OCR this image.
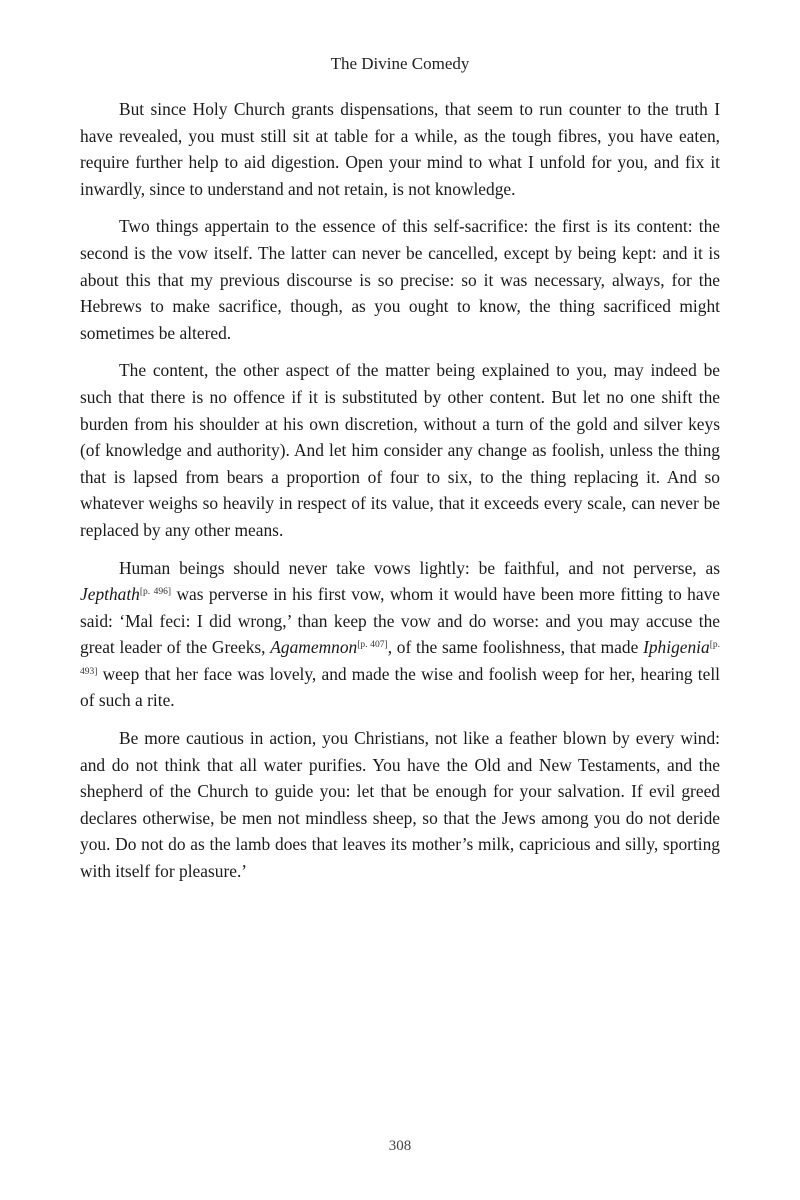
The Divine Comedy

But since Holy Church grants dispensations, that seem to run counter to the truth I have revealed, you must still sit at table for a while, as the tough fibres, you have eaten, require further help to aid digestion. Open your mind to what I unfold for you, and fix it inwardly, since to understand and not retain, is not knowledge.

Two things appertain to the essence of this self-sacrifice: the first is its content: the second is the vow itself. The latter can never be cancelled, except by being kept: and it is about this that my previous discourse is so precise: so it was necessary, always, for the Hebrews to make sacrifice, though, as you ought to know, the thing sacrificed might sometimes be altered.

The content, the other aspect of the matter being explained to you, may indeed be such that there is no offence if it is substituted by other content. But let no one shift the burden from his shoulder at his own discretion, without a turn of the gold and silver keys (of knowledge and authority). And let him consider any change as foolish, unless the thing that is lapsed from bears a proportion of four to six, to the thing replacing it. And so whatever weighs so heavily in respect of its value, that it exceeds every scale, can never be replaced by any other means.

Human beings should never take vows lightly: be faithful, and not perverse, as Jepthath[p. 496] was perverse in his first vow, whom it would have been more fitting to have said: ‘Mal feci: I did wrong,’ than keep the vow and do worse: and you may accuse the great leader of the Greeks, Agamemnon[p. 407], of the same foolishness, that made Iphigenia[p. 493] weep that her face was lovely, and made the wise and foolish weep for her, hearing tell of such a rite.

Be more cautious in action, you Christians, not like a feather blown by every wind: and do not think that all water purifies. You have the Old and New Testaments, and the shepherd of the Church to guide you: let that be enough for your salvation. If evil greed declares otherwise, be men not mindless sheep, so that the Jews among you do not deride you. Do not do as the lamb does that leaves its mother’s milk, capricious and silly, sporting with itself for pleasure.’

308
